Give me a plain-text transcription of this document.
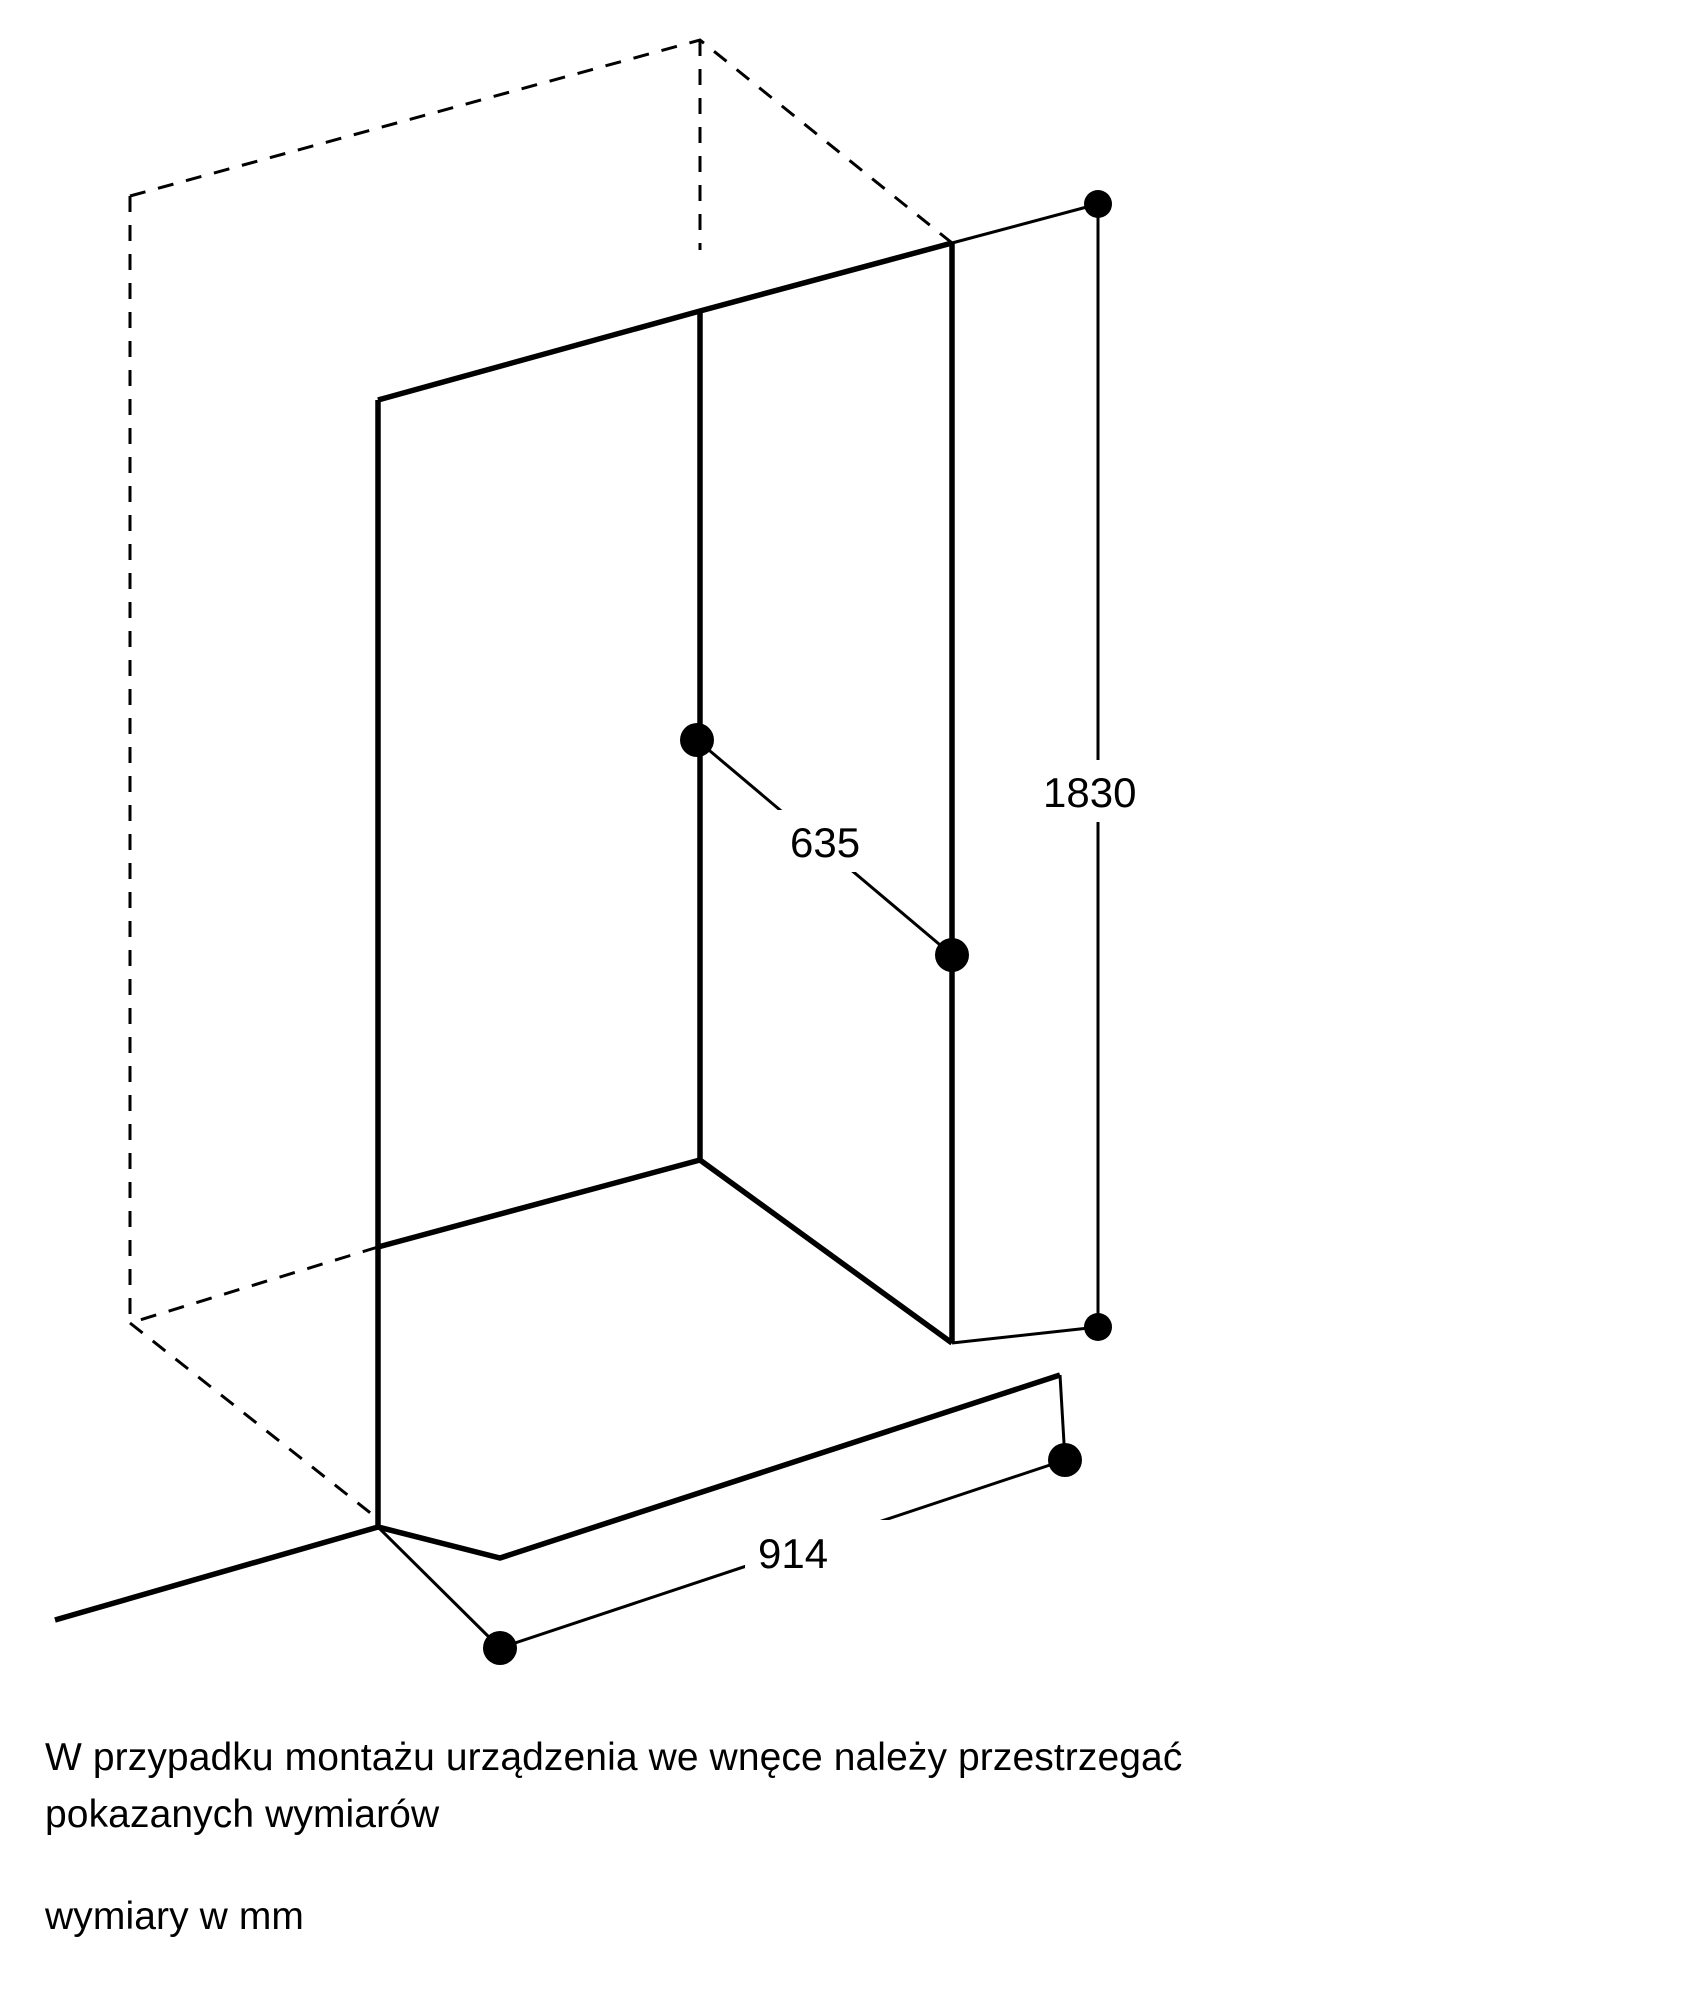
1830
635
914

W przypadku montażu urządzenia we wnęce należy przestrzegać pokazanych wymiarów

wymiary w mm
